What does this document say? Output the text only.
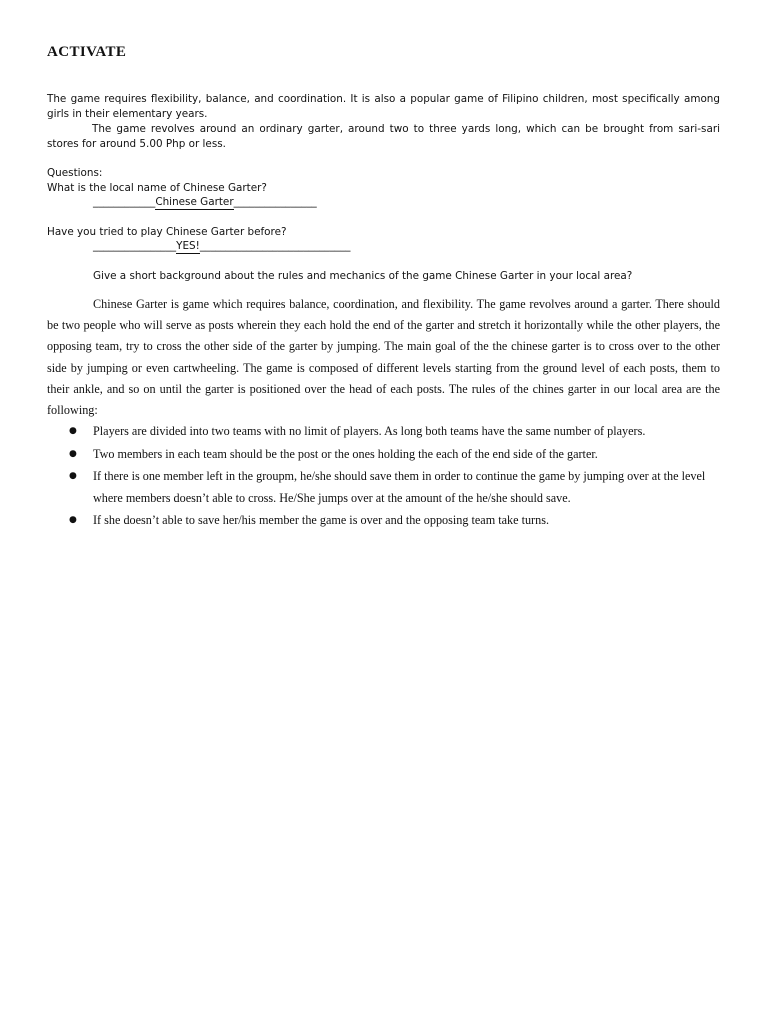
ACTIVATE

The game requires flexibility, balance, and coordination. It is also a popular game of Filipino children, most specifically among girls in their elementary years.

The game revolves around an ordinary garter, around two to three yards long, which can be brought from sari-sari stores for around 5.00 Php or less.

Questions:

What is the local name of Chinese Garter?

____________Chinese Garter________________

Have you tried to play Chinese Garter before?

________________YES!_____________________________

Give a short background about the rules and mechanics of the game Chinese Garter in your local area?

Chinese Garter is game which requires balance, coordination, and flexibility. The game revolves around a garter. There should be two people who will serve as posts wherein they each hold the end of the garter and stretch it horizontally while the other players, the opposing team, try to cross the other side of the garter by jumping. The main goal of the the chinese garter is to cross over to the other side by jumping or even cartwheeling. The game is composed of different levels starting from the ground level of each posts, them to their ankle, and so on until the garter is positioned over the head of each posts. The rules of the chines garter in our local area are the following:

● Players are divided into two teams with no limit of players. As long both teams have the same number of players.
● Two members in each team should be the post or the ones holding the each of the end side of the garter.
● If there is one member left in the groupm, he/she should save them in order to continue the game by jumping over at the level where members doesn’t able to cross. He/She jumps over at the amount of the he/she should save.
● If she doesn’t able to save her/his member the game is over and the opposing team take turns.
